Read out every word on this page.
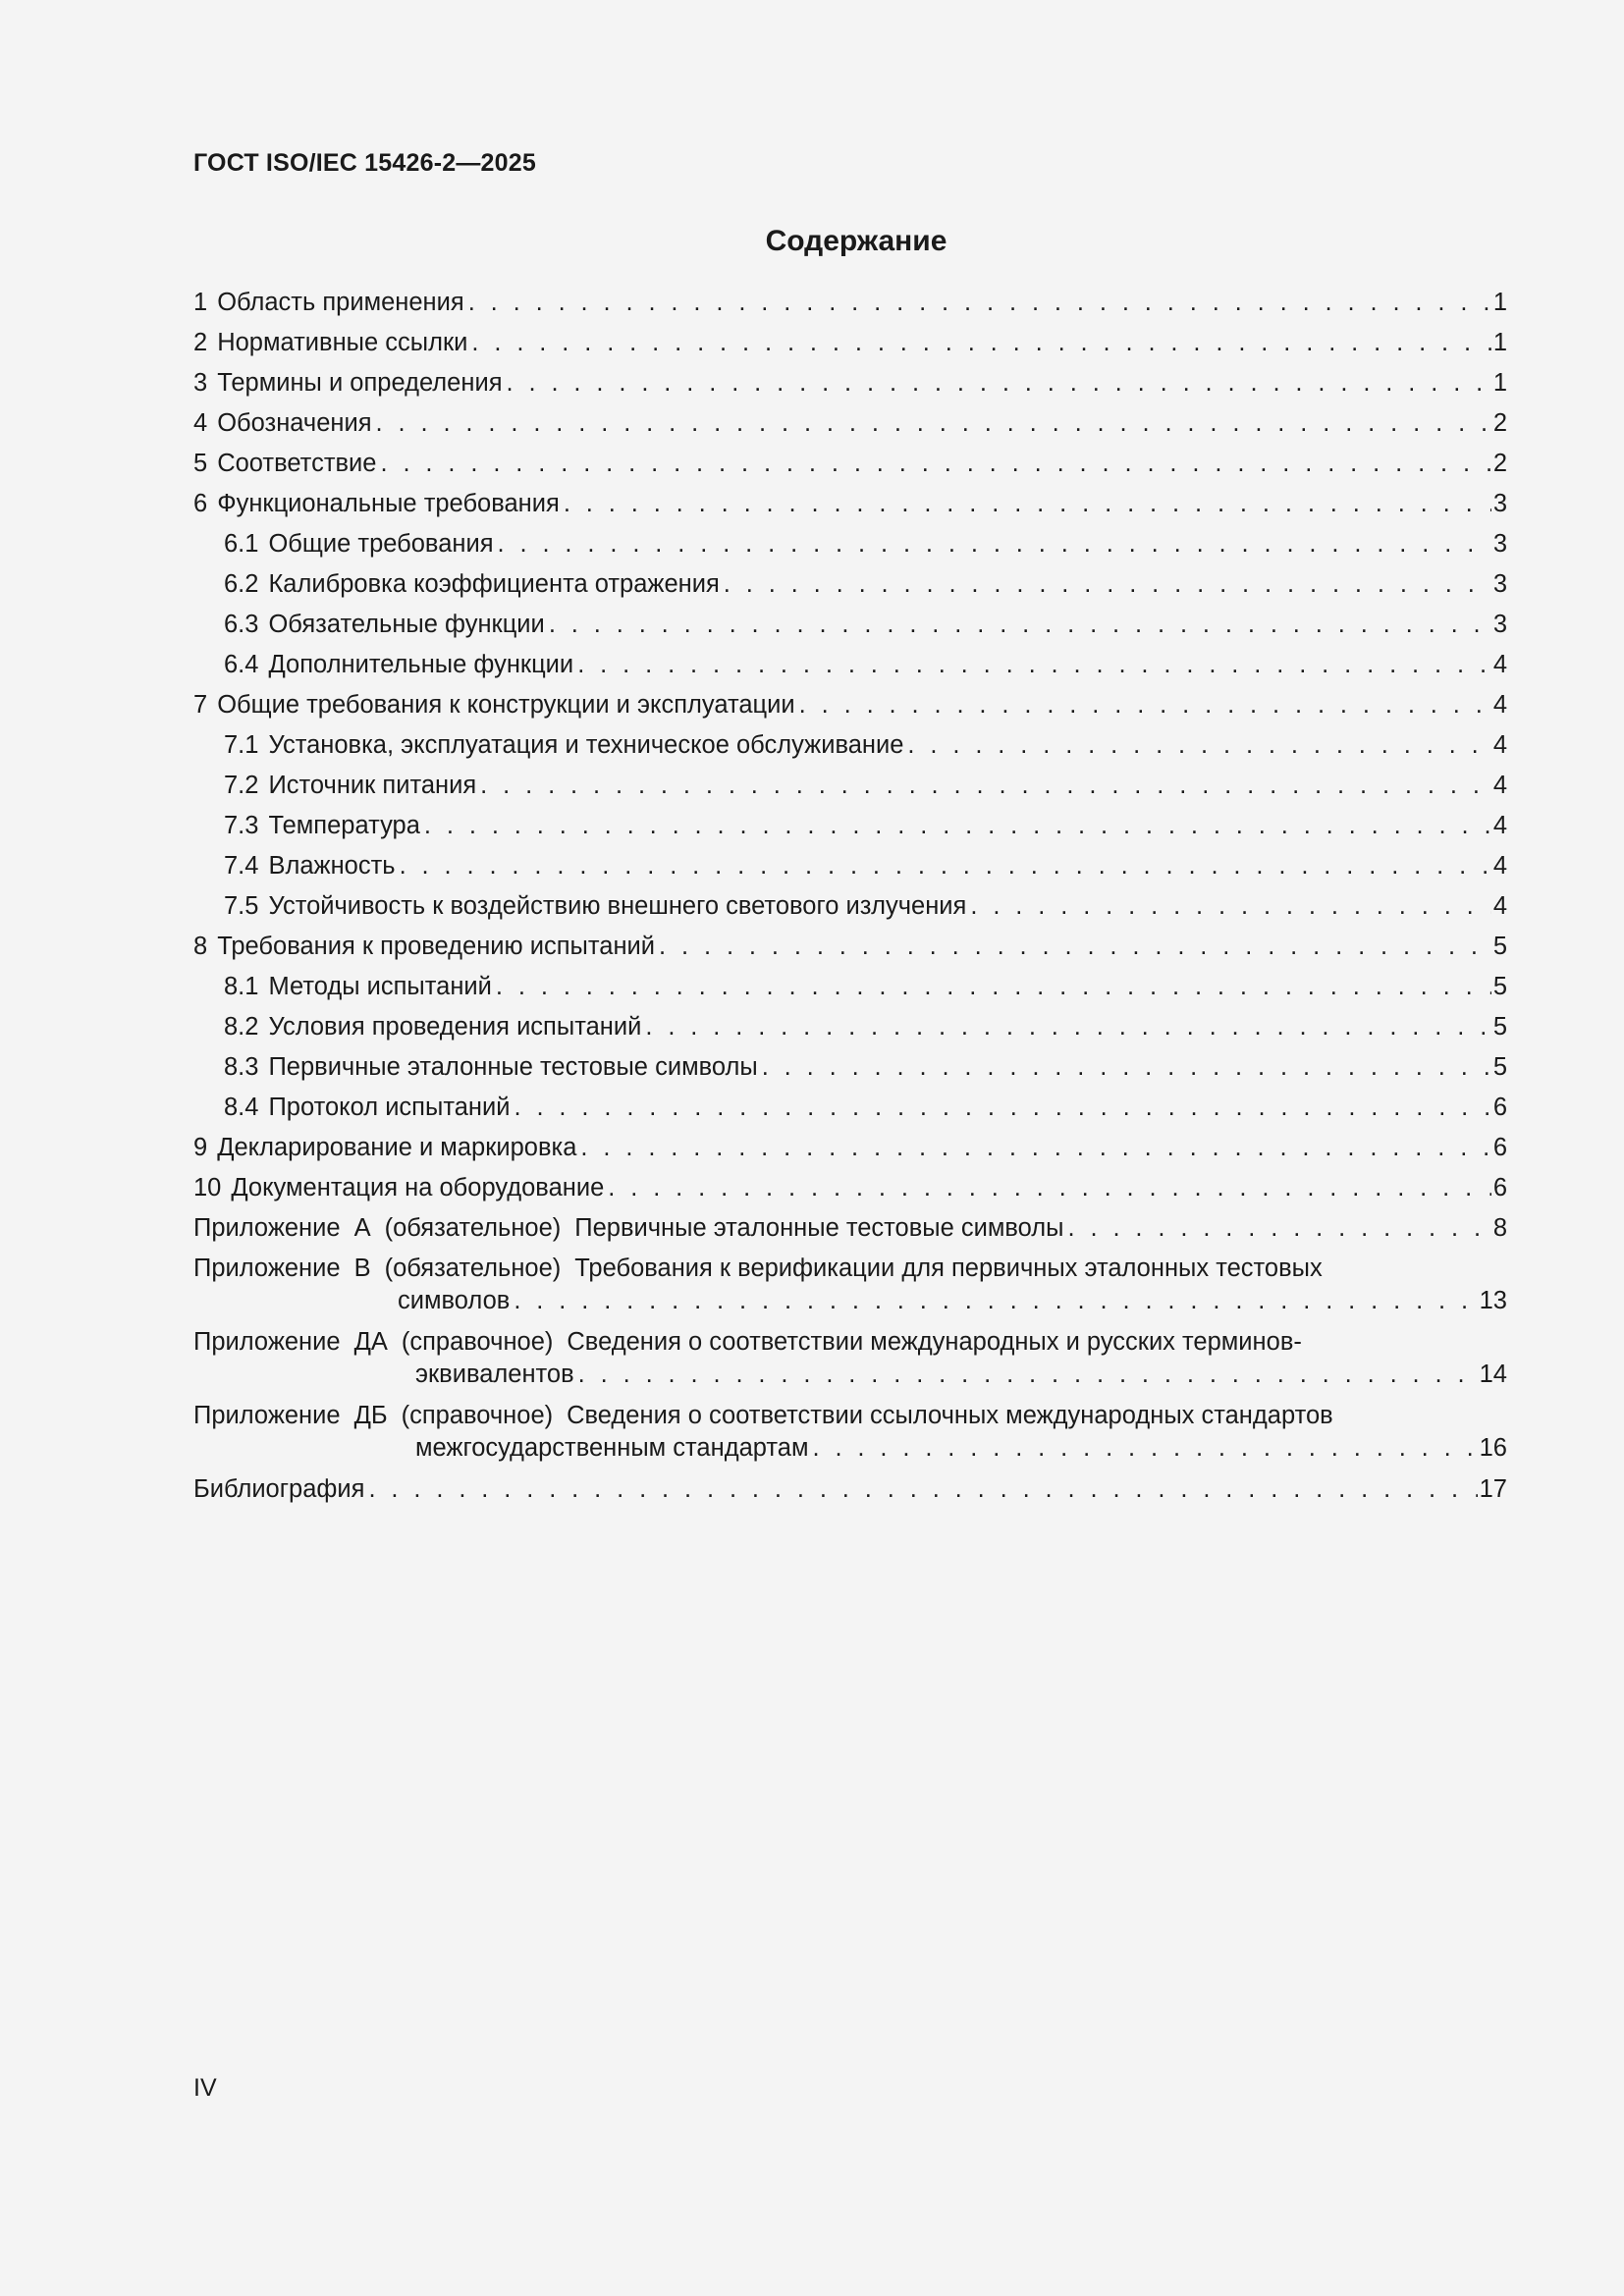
ГОСТ ISO/IEC 15426-2—2025
Содержание
1 Область применения . . .	1
2 Нормативные ссылки . . .	1
3 Термины и определения . . .	1
4 Обозначения . . .	2
5 Соответствие . . .	2
6 Функциональные требования . . .	3
6.1 Общие требования . . .	3
6.2 Калибровка коэффициента отражения . . .	3
6.3 Обязательные функции . . .	3
6.4 Дополнительные функции . . .	4
7 Общие требования к конструкции и эксплуатации . . .	4
7.1 Установка, эксплуатация и техническое обслуживание . . .	4
7.2 Источник питания . . .	4
7.3 Температура . . .	4
7.4 Влажность . . .	4
7.5 Устойчивость к воздействию внешнего светового излучения . . .	4
8 Требования к проведению испытаний . . .	5
8.1 Методы испытаний . . .	5
8.2 Условия проведения испытаний . . .	5
8.3 Первичные эталонные тестовые символы . . .	5
8.4 Протокол испытаний . . .	6
9 Декларирование и маркировка . . .	6
10 Документация на оборудование . . .	6
Приложение А (обязательное) Первичные эталонные тестовые символы . . .	8
Приложение В (обязательное) Требования к верификации для первичных эталонных тестовых
символов . . .	13
Приложение ДА (справочное) Сведения о соответствии международных и русских терминов-
эквивалентов . . .	14
Приложение ДБ (справочное) Сведения о соответствии ссылочных международных стандартов
межгосударственным стандартам . . .	16
Библиография . . .	17
IV
